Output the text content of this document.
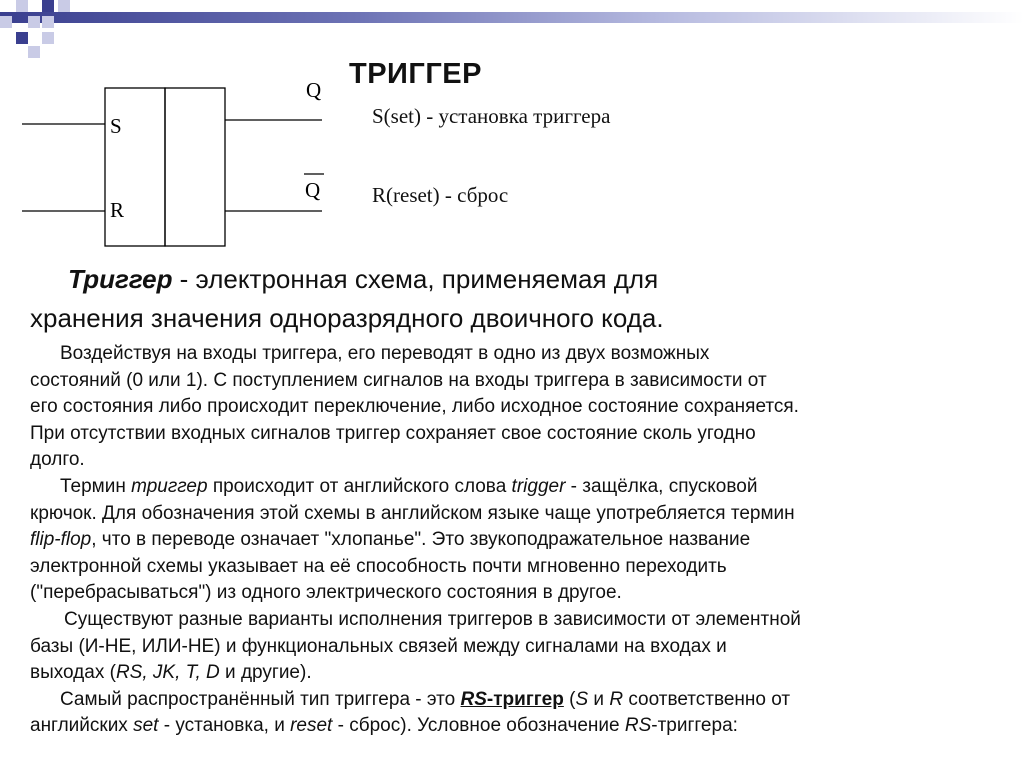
S
R
Q
Q
ТРИГГЕР
S(set) - установка триггера
R(reset) - сброс
Триггер - электронная схема, применяемая для
хранения значения одноразрядного двоичного кода.
Воздействуя на входы триггера, его переводят в одно из двух возможных
состояний (0 или 1). С поступлением сигналов на входы триггера в зависимости от
его состояния либо происходит переключение, либо исходное состояние сохраняется.
При отсутствии входных сигналов триггер сохраняет свое состояние сколь угодно
долго.
Термин триггер происходит от английского слова trigger - защёлка, спусковой
крючок. Для обозначения этой схемы в английском языке чаще употребляется термин
flip-flop, что в переводе означает "хлопанье". Это звукоподражательное название
электронной схемы указывает на её способность почти мгновенно переходить
("перебрасываться") из одного электрического состояния в другое.
Существуют разные варианты исполнения триггеров в зависимости от элементной
базы (И-НЕ, ИЛИ-НЕ) и функциональных связей между сигналами на входах и
выходах (RS, JK, T, D и другие).
Самый распространённый тип триггера - это RS-триггер (S и R соответственно от
английских set - установка, и reset - сброс). Условное обозначение RS-триггера:
